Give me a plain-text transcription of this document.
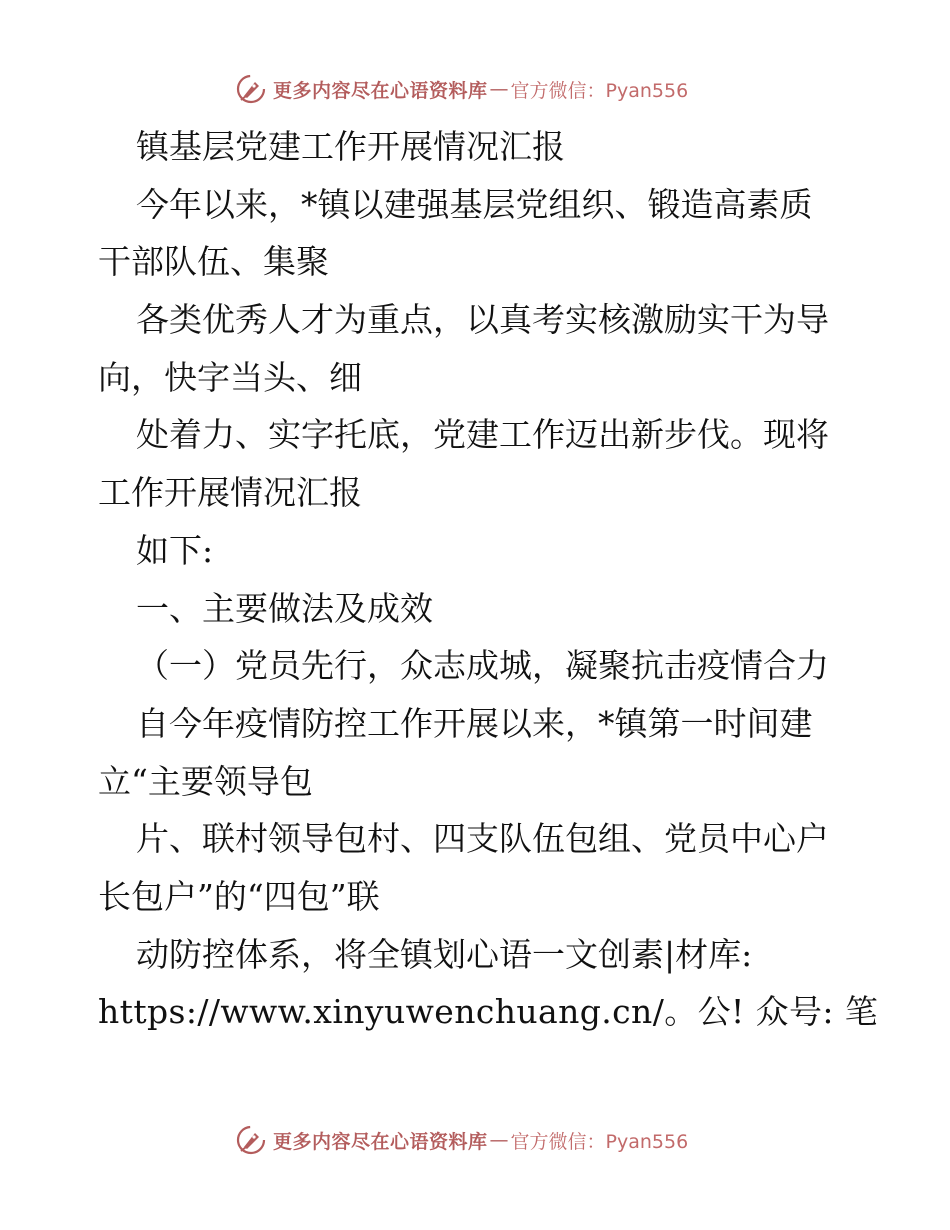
更多内容尽在心语资料库 — 官方微信：Pyan556
镇基层党建工作开展情况汇报
今年以来，*镇以建强基层党组织、锻造高素质
干部队伍、集聚
各类优秀人才为重点，以真考实核激励实干为导
向，快字当头、细
处着力、实字托底，党建工作迈出新步伐。现将
工作开展情况汇报
如下:
一、主要做法及成效
（一）党员先行，众志成城，凝聚抗击疫情合力
自今年疫情防控工作开展以来，*镇第一时间建
立“主要领导包
片、联村领导包村、四支队伍包组、党员中心户
长包户”的“四包”联
动防控体系，将全镇划心语一文创素|材库:
https://www.xinyuwenchuang.cn/。公! 众号: 笔
更多内容尽在心语资料库 — 官方微信：Pyan556
